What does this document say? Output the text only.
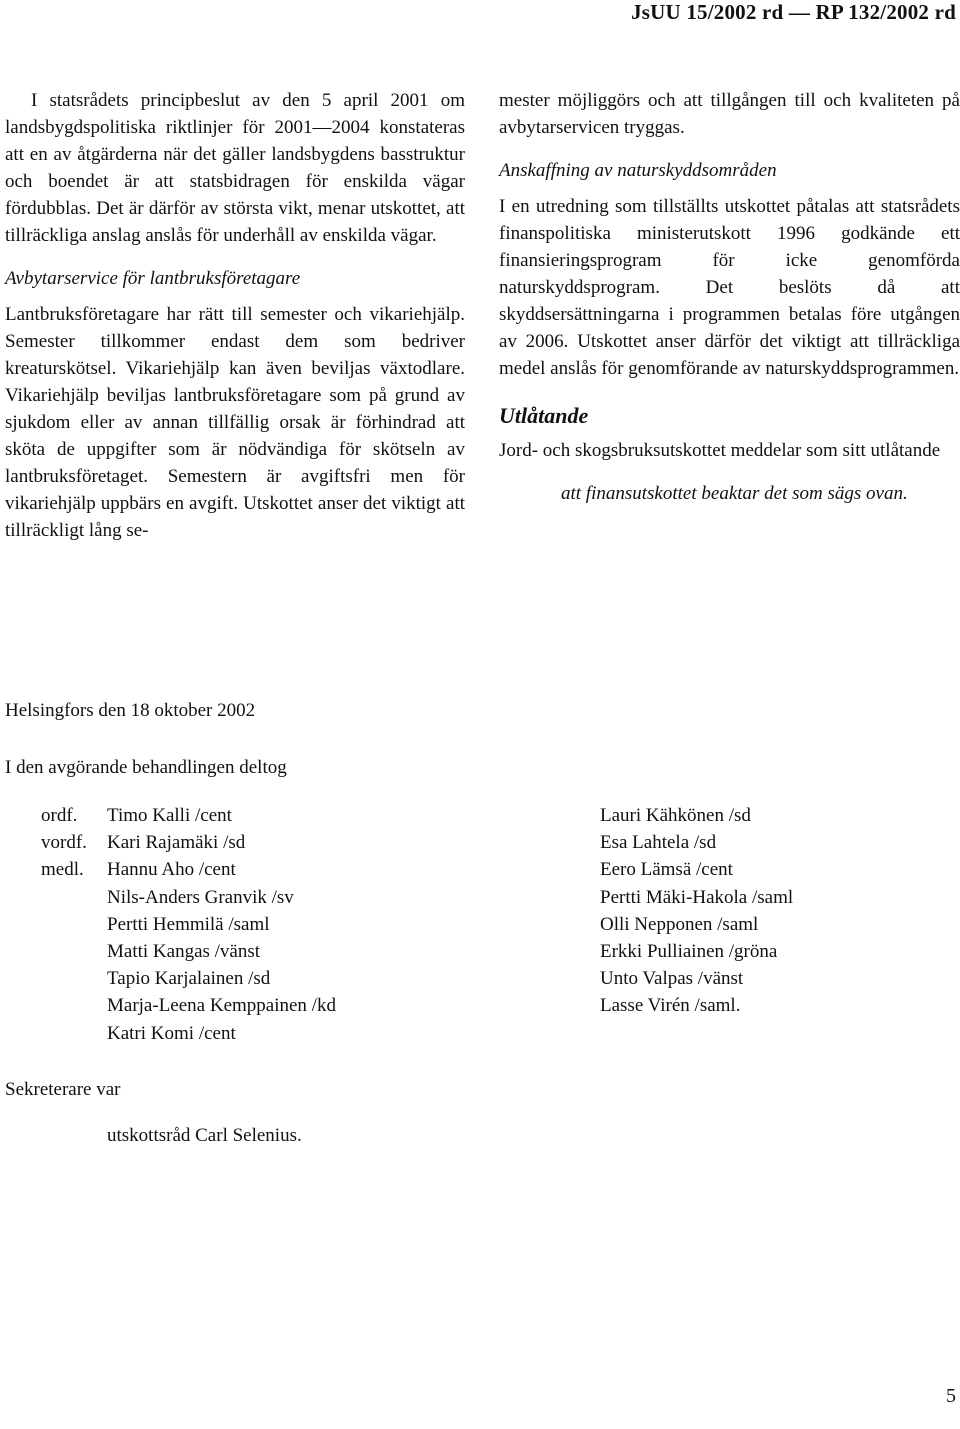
JsUU 15/2002 rd — RP 132/2002 rd

I statsrådets principbeslut av den 5 april 2001 om landsbygdspolitiska riktlinjer för 2001—2004 konstateras att en av åtgärderna när det gäller landsbygdens basstruktur och boendet är att statsbidragen för enskilda vägar fördubblas. Det är därför av största vikt, menar utskottet, att tillräckliga anslag anslås för underhåll av enskilda vägar.

Avbytarservice för lantbruksföretagare

Lantbruksföretagare har rätt till semester och vikariehjälp. Semester tillkommer endast dem som bedriver kreaturskötsel. Vikariehjälp kan även beviljas växtodlare. Vikariehjälp beviljas lantbruksföretagare som på grund av sjukdom eller av annan tillfällig orsak är förhindrad att sköta de uppgifter som är nödvändiga för skötseln av lantbruksföretaget. Semestern är avgiftsfri men för vikariehjälp uppbärs en avgift. Utskottet anser det viktigt att tillräckligt lång se-

mester möjliggörs och att tillgången till och kvaliteten på avbytarservicen tryggas.

Anskaffning av naturskyddsområden

I en utredning som tillställts utskottet påtalas att statsrådets finanspolitiska ministerutskott 1996 godkände ett finansieringsprogram för icke genomförda naturskyddsprogram. Det beslöts då att skyddsersättningarna i programmen betalas före utgången av 2006. Utskottet anser därför det viktigt att tillräckliga medel anslås för genomförande av naturskyddsprogrammen.

Utlåtande

Jord- och skogsbruksutskottet meddelar som sitt utlåtande

att finansutskottet beaktar det som sägs ovan.

Helsingfors den 18 oktober 2002
I den avgörande behandlingen deltog
ordf.	Timo Kalli /cent
vordf.	Kari Rajamäki /sd
medl.	Hannu Aho /cent
Nils-Anders Granvik /sv
Pertti Hemmilä /saml
Matti Kangas /vänst
Tapio Karjalainen /sd
Marja-Leena Kemppainen /kd
Katri Komi /cent
Lauri Kähkönen /sd
Esa Lahtela /sd
Eero Lämsä /cent
Pertti Mäki-Hakola /saml
Olli Nepponen /saml
Erkki Pulliainen /gröna
Unto Valpas /vänst
Lasse Virén /saml.
Sekreterare var
utskottsråd Carl Selenius.
5
